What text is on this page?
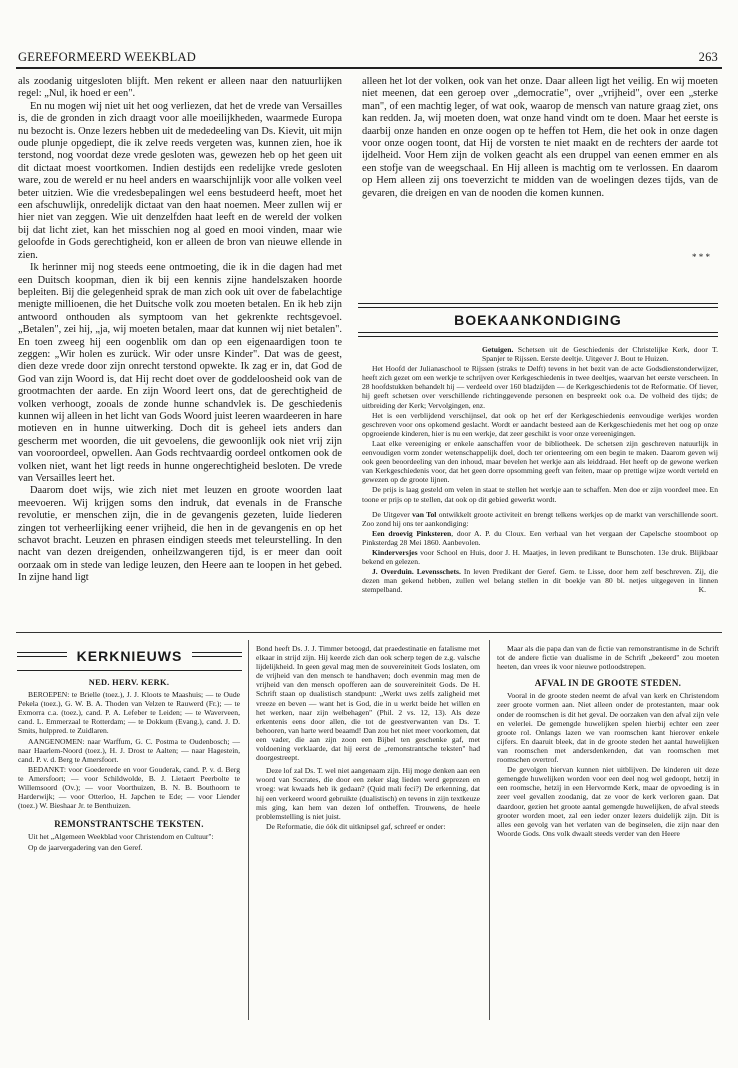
GEREFORMEERD WEEKBLAD	263

als zoodanig uitgesloten blijft. Men rekent er alleen naar den natuurlijken regel: „Nul, ik hoed er een".

En nu mogen wij niet uit het oog verliezen, dat het de vrede van Versailles is, die de gronden in zich draagt voor alle moeilijkheden, waarmede Europa nu bezocht is. Onze lezers hebben uit de mededeeling van Ds. Kievit, uit mijn oude plunje opgediept, die ik zelve reeds vergeten was, kunnen zien, hoe ik terstond, nog voordat deze vrede gesloten was, gewezen heb op het geen uit dit dictaat moest voortkomen. Indien destijds een redelijke vrede gesloten ware, zou de wereld er nu heel anders en waarschijnlijk voor alle volken veel beter uitzien. Wie die vredesbepalingen wel eens bestudeerd heeft, moet het een afschuwlijk, onredelijk dictaat van den haat noemen. Meer zullen wij er hier niet van zeggen. Wie uit denzelfden haat leeft en de wereld der volken bij dat licht ziet, kan het misschien nog al goed en mooi vinden, maar wie geloofde in Gods gerechtigheid, kon er alleen de bron van nieuwe ellende in zien.

Ik herinner mij nog steeds eene ontmoeting, die ik in die dagen had met een Duitsch koopman, dien ik bij een kennis zijne handelszaken hoorde bepleiten. Bij die gelegenheid sprak de man zich ook uit over de fabelachtige menigte millioenen, die het Duitsche volk zou moeten betalen. En ik heb zijn antwoord onthouden als symptoom van het gekrenkte rechtsgevoel. „Betalen", zei hij, „ja, wij moeten betalen, maar dat kunnen wij niet betalen". En toen zweeg hij een oogenblik om dan op een eigenaardigen toon te zeggen: „Wir holen es zurück. Wir oder unsre Kinder". Dat was de geest, dien deze vrede door zijn onrecht terstond opwekte. Ik zag er in, dat God de God van zijn Woord is, dat Hij recht doet over de goddeloosheid ook van de grootmachten der aarde. En zijn Woord leert ons, dat de gerechtigheid de volken verhoogt, zooals de zonde hunne schandvlek is. De geschiedenis kunnen wij alleen in het licht van Gods Woord juist leeren waardeeren in hare motieven en in hunne uitwerking. Doch dit is geheel iets anders dan gescherm met woorden, die uit gevoelens, die gewoonlijk ook niet vrij zijn van vooroordeel, opwellen. Aan Gods rechtvaardig oordeel ontkomen ook de volken niet, want het ligt reeds in hunne ongerechtigheid besloten. De vrede van Versailles leert het.

Daarom doet wijs, wie zich niet met leuzen en groote woorden laat meevoeren. Wij krijgen soms den indruk, dat evenals in de Fransche revolutie, er menschen zijn, die in de gevangenis gezeten, luide liederen zingen tot verheerlijking eener vrijheid, die hen in de gevangenis en op het schavot bracht. Leuzen en phrasen eindigen steeds met teleurstelling. In den nacht van dezen dreigenden, onheilzwangeren tijd, is er meer dan ooit oorzaak om in stede van ledige leuzen, den Heere aan te loopen in het gebed. In zijne hand ligt

alleen het lot der volken, ook van het onze. Daar alleen ligt het veilig. En wij moeten niet meenen, dat een geroep over „democratie", over „vrijheid", over een „sterke man", of een machtig leger, of wat ook, waarop de mensch van nature graag ziet, ons kan redden. Ja, wij moeten doen, wat onze hand vindt om te doen. Maar het eerste is daarbij onze handen en onze oogen op te heffen tot Hem, die het ook in onze dagen voor onze oogen toont, dat Hij de vorsten te niet maakt en de rechters der aarde tot ijdelheid. Voor Hem zijn de volken geacht als een druppel van eenen emmer en als een stofje van de weegschaal. En Hij alleen is machtig om te verlossen. En daarom op Hem alleen zij ons toeverzicht te midden van de woelingen dezes tijds, van de gevaren, die dreigen en van de nooden die komen kunnen.

* * *
BOEKAANKONDIGING

Getuigen. Schetsen uit de Geschiedenis der Christelijke Kerk, door T. Spanjer te Rijssen. Eerste deeltje. Uitgever J. Bout te Huizen.

Het Hoofd der Julianaschool te Rijssen (straks te Delft) tevens in het bezit van de acte Godsdienstonderwijzer, heeft zich gezet om een werkje te schrijven over Kerkgeschiedenis in twee deeltjes, waarvan het eerste verscheen. In 28 hoofdstukken behandelt hij — verdeeld over 160 bladzijden — de Kerkgeschiedenis tot de Reformatie. Of liever, hij geeft schetsen over verschillende richtinggevende personen en bespreekt ook o.a. De volheid des tijds; de uitbreiding der Kerk; Vervolgingen, enz.

Het is een verblijdend verschijnsel, dat ook op het erf der Kerkgeschiedenis eenvoudige werkjes worden geschreven voor ons opkomend geslacht. Wordt er aandacht besteed aan de Kerkgeschiedenis met het oog op onze opgroeiende kinderen, hier is nu een werkje, dat zeer geschikt is voor onze vereenigingen.

Laat elke vereeniging er enkele aanschaffen voor de bibliotheek. De schetsen zijn geschreven natuurlijk in eenvoudigen vorm zonder wetenschappelijk doel, doch ter orienteering om een begin te maken. Daarom geven wij ook geen beoordeeling van den inhoud, maar bevelen het werkje aan als leiddraad. Het heeft op de gewone werken van Kerkgeschiedenis voor, dat het geen dorre opsomming geeft van feiten, maar op prettige wijze wordt verteld en gewezen op de groote lijnen.

De prijs is laag gesteld om velen in staat te stellen het werkje aan te schaffen. Men doe er zijn voordeel mee. En toone er prijs op te stellen, dat ook op dit gebied gewerkt wordt.

De Uitgever van Tol ontwikkelt groote activiteit en brengt telkens werkjes op de markt van verschillende soort. Zoo zond hij ons ter aankondiging:

Een droevig Pinksteren, door A. P. du Cloux. Een verhaal van het vergaan der Capelsche stoomboot op Pinksterdag 28 Mei 1860. Aanbevolen.

Kinderversjes voor School en Huis, door J. H. Maatjes, in leven predikant te Bunschoten. 13e druk. Blijkbaar bekend en gelezen.

J. Overduin. Levensschets. In leven Predikant der Geref. Gem. te Lisse, door hem zelf beschreven. Zij, die dezen man gekend hebben, zullen wel belang stellen in dit boekje van 80 bl. netjes uitgegeven in linnen stempelband.	K.

KERKNIEUWS
NED. HERV. KERK.

BEROEPEN: te Brielle (toez.), J. J. Kloots te Maashuis; — te Oude Pekela (toez.), G. W. B. A. Thoden van Velzen te Rauwerd (Fr.); — te Exmorra c.a. (toez.), cand. P. A. Lefeber te Leiden; — te Waverveen, cand. L. Emmerzaal te Rotterdam; — te Dokkum (Evang.), cand. J. D. Smits, hulppred. te Zuidlaren.

AANGENOMEN: naar Warffum, G. C. Postma te Oudenbosch; — naar Haarlem-Noord (toez.), H. J. Drost te Aalten; — naar Hagestein, cand. P. v. d. Berg te Amersfoort.

BEDANKT: voor Goedereede en voor Gouderak, cand. P. v. d. Berg te Amersfoort; — voor Schildwolde, B. J. Lietaert Peerbolte te Willemsoord (Ov.); — voor Voorthuizen, B. N. B. Bouthoorn te Harderwijk; — voor Otterloo, H. Japchen te Ede; — voor Liender (toez.) W. Bieshaar Jr. te Benthuizen.

REMONSTRANTSCHE TEKSTEN.

Uit het „Algemeen Weekblad voor Christendom en Cultuur":

Op de jaarvergadering van den Geref.

Bond heeft Ds. J. J. Timmer betoogd, dat praedestinatie en fatalisme met elkaar in strijd zijn. Hij keerde zich dan ook scherp tegen de z.g. valsche lijdelijkheid. In geen geval mag men de souvereiniteit Gods loslaten, om de vrijheid van den mensch te handhaven; doch evenmin mag men de vrijheid van den mensch opofferen aan de souvereiniteit Gods. De H. Schrift staan op dualistisch standpunt: „Werkt uws zelfs zaligheid met vreeze en beven — want het is God, die in u werkt beide het willen en het werken, naar zijn welbehagen" (Phil. 2 vs. 12, 13). Als deze erkentenis eens door allen, die tot de geestverwanten van Ds. T. behooren, van harte werd beaamd! Dan zou het niet meer voorkomen, dat een vader, die aan zijn zoon een Bijbel ten geschenke gaf, met voldoening verklaarde, dat hij eerst de „remonstrantsche teksten" had doorgestreept.

Deze lof zal Ds. T. wel niet aangenaam zijn. Hij moge denken aan een woord van Socrates, die door een zeker slag lieden werd geprezen en vroeg: wat kwaads heb ik gedaan? (Quid mali feci?) De erkenning, dat hij een verkeerd woord gebruikte (dualistisch) en tevens in zijn textkeuze mis ging, kan hem van dezen lof ontheffen. Trouwens, de heele problemstelling is niet juist.

De Reformatie, die óók dit uitknipsel gaf, schreef er onder:

Maar als die papa dan van de fictie van remonstrantisme in de Schrift tot de andere fictie van dualisme in de Schrift „bekeerd" zou moeten heeten, dan vrees ik voor nieuwe potloodstrepen.

AFVAL IN DE GROOTE STEDEN.

Vooral in de groote steden neemt de afval van kerk en Christendom zeer groote vormen aan. Niet alleen onder de protestanten, maar ook onder de roomschen is dit het geval. De oorzaken van den afval zijn vele en velerlei. De gemengde huwelijken spelen hierbij echter een zeer groote rol. Onlangs lazen we van roomschen kant hierover enkele cijfers. En daaruit bleek, dat in de groote steden het aantal huwelijken van roomschen met andersdenkenden, dat van roomschen met roomschen overtrof.

De gevolgen hiervan kunnen niet uitblijven. De kinderen uit deze gemengde huwelijken worden voor een deel nog wel gedoopt, hetzij in een roomsche, hetzij in een Hervormde Kerk, maar de opvoeding is in zeer veel gevallen zoodanig, dat ze voor de kerk verloren gaan. Dat daardoor, gezien het groote aantal gemengde huwelijken, de afval steeds grooter worden moet, zal een ieder onzer lezers duidelijk zijn. Dit is alles een gevolg van het verlaten van de beginselen, die zijn naar den Woorde Gods. Ons volk dwaalt steeds verder van den Heere
